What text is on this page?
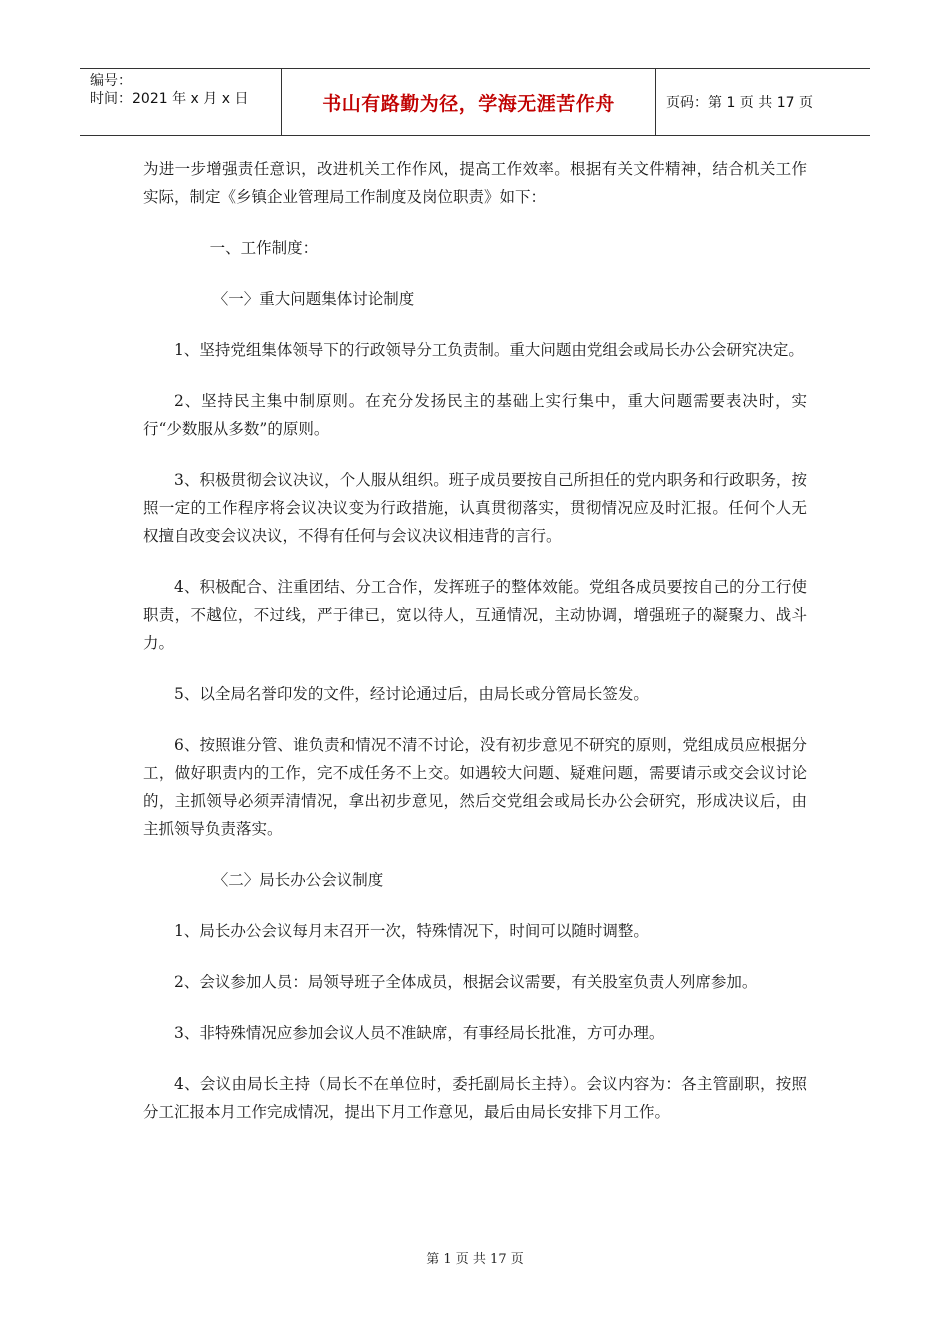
编号：
时间：2021 年 x 月 x 日	书山有路勤为径，学海无涯苦作舟	页码：第 1 页 共 17 页

为进一步增强责任意识，改进机关工作作风，提高工作效率。根据有关文件精神，结合机关工作实际，制定《乡镇企业管理局工作制度及岗位职责》如下：

一、工作制度：

〈一〉重大问题集体讨论制度

1、坚持党组集体领导下的行政领导分工负责制。重大问题由党组会或局长办公会研究决定。

2、坚持民主集中制原则。在充分发扬民主的基础上实行集中，重大问题需要表决时，实行“少数服从多数”的原则。

3、积极贯彻会议决议，个人服从组织。班子成员要按自己所担任的党内职务和行政职务，按照一定的工作程序将会议决议变为行政措施，认真贯彻落实，贯彻情况应及时汇报。任何个人无权擅自改变会议决议，不得有任何与会议决议相违背的言行。

4、积极配合、注重团结、分工合作，发挥班子的整体效能。党组各成员要按自己的分工行使职责，不越位，不过线，严于律已，宽以待人，互通情况，主动协调，增强班子的凝聚力、战斗力。

5、以全局名誉印发的文件，经讨论通过后，由局长或分管局长签发。

6、按照谁分管、谁负责和情况不清不讨论，没有初步意见不研究的原则，党组成员应根据分工，做好职责内的工作，完不成任务不上交。如遇较大问题、疑难问题，需要请示或交会议讨论的，主抓领导必须弄清情况，拿出初步意见，然后交党组会或局长办公会研究，形成决议后，由主抓领导负责落实。

〈二〉局长办公会议制度

1、局长办公会议每月末召开一次，特殊情况下，时间可以随时调整。

2、会议参加人员：局领导班子全体成员，根据会议需要，有关股室负责人列席参加。

3、非特殊情况应参加会议人员不准缺席，有事经局长批准，方可办理。

4、会议由局长主持（局长不在单位时，委托副局长主持）。会议内容为：各主管副职，按照分工汇报本月工作完成情况，提出下月工作意见，最后由局长安排下月工作。

第 1 页 共 17 页
